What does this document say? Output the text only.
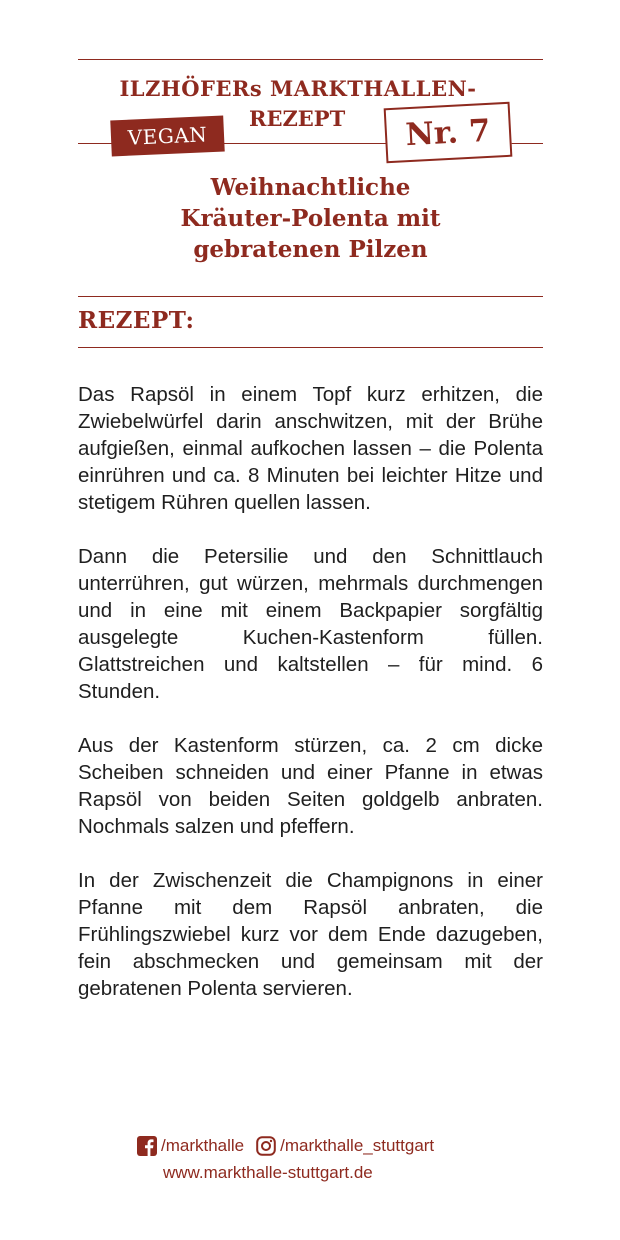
ILZHÖFERs MARKTHALLEN-
REZEPT
VEGAN	Nr. 7
Weihnachtliche
Kräuter-Polenta mit
gebratenen Pilzen
REZEPT:

Das Rapsöl in einem Topf kurz erhitzen, die Zwiebelwürfel darin anschwitzen, mit der Brühe aufgießen, einmal aufkochen lassen – die Polenta einrühren und ca. 8 Minuten bei leichter Hitze und stetigem Rühren quellen lassen.

Dann die Petersilie und den Schnittlauch unterrühren, gut würzen, mehrmals durchmengen und in eine mit einem Backpapier sorgfältig ausgelegte Kuchen-Kastenform füllen. Glattstreichen und kaltstellen – für mind. 6 Stunden.

Aus der Kastenform stürzen, ca. 2 cm dicke Scheiben schneiden und einer Pfanne in etwas Rapsöl von beiden Seiten goldgelb anbraten. Nochmals salzen und pfeffern.

In der Zwischenzeit die Champignons in einer Pfanne mit dem Rapsöl anbraten, die Frühlingszwiebel kurz vor dem Ende dazugeben, fein abschmecken und gemeinsam mit der gebratenen Polenta servieren.

/markthalle /markthalle_stuttgart

www.markthalle-stuttgart.de
